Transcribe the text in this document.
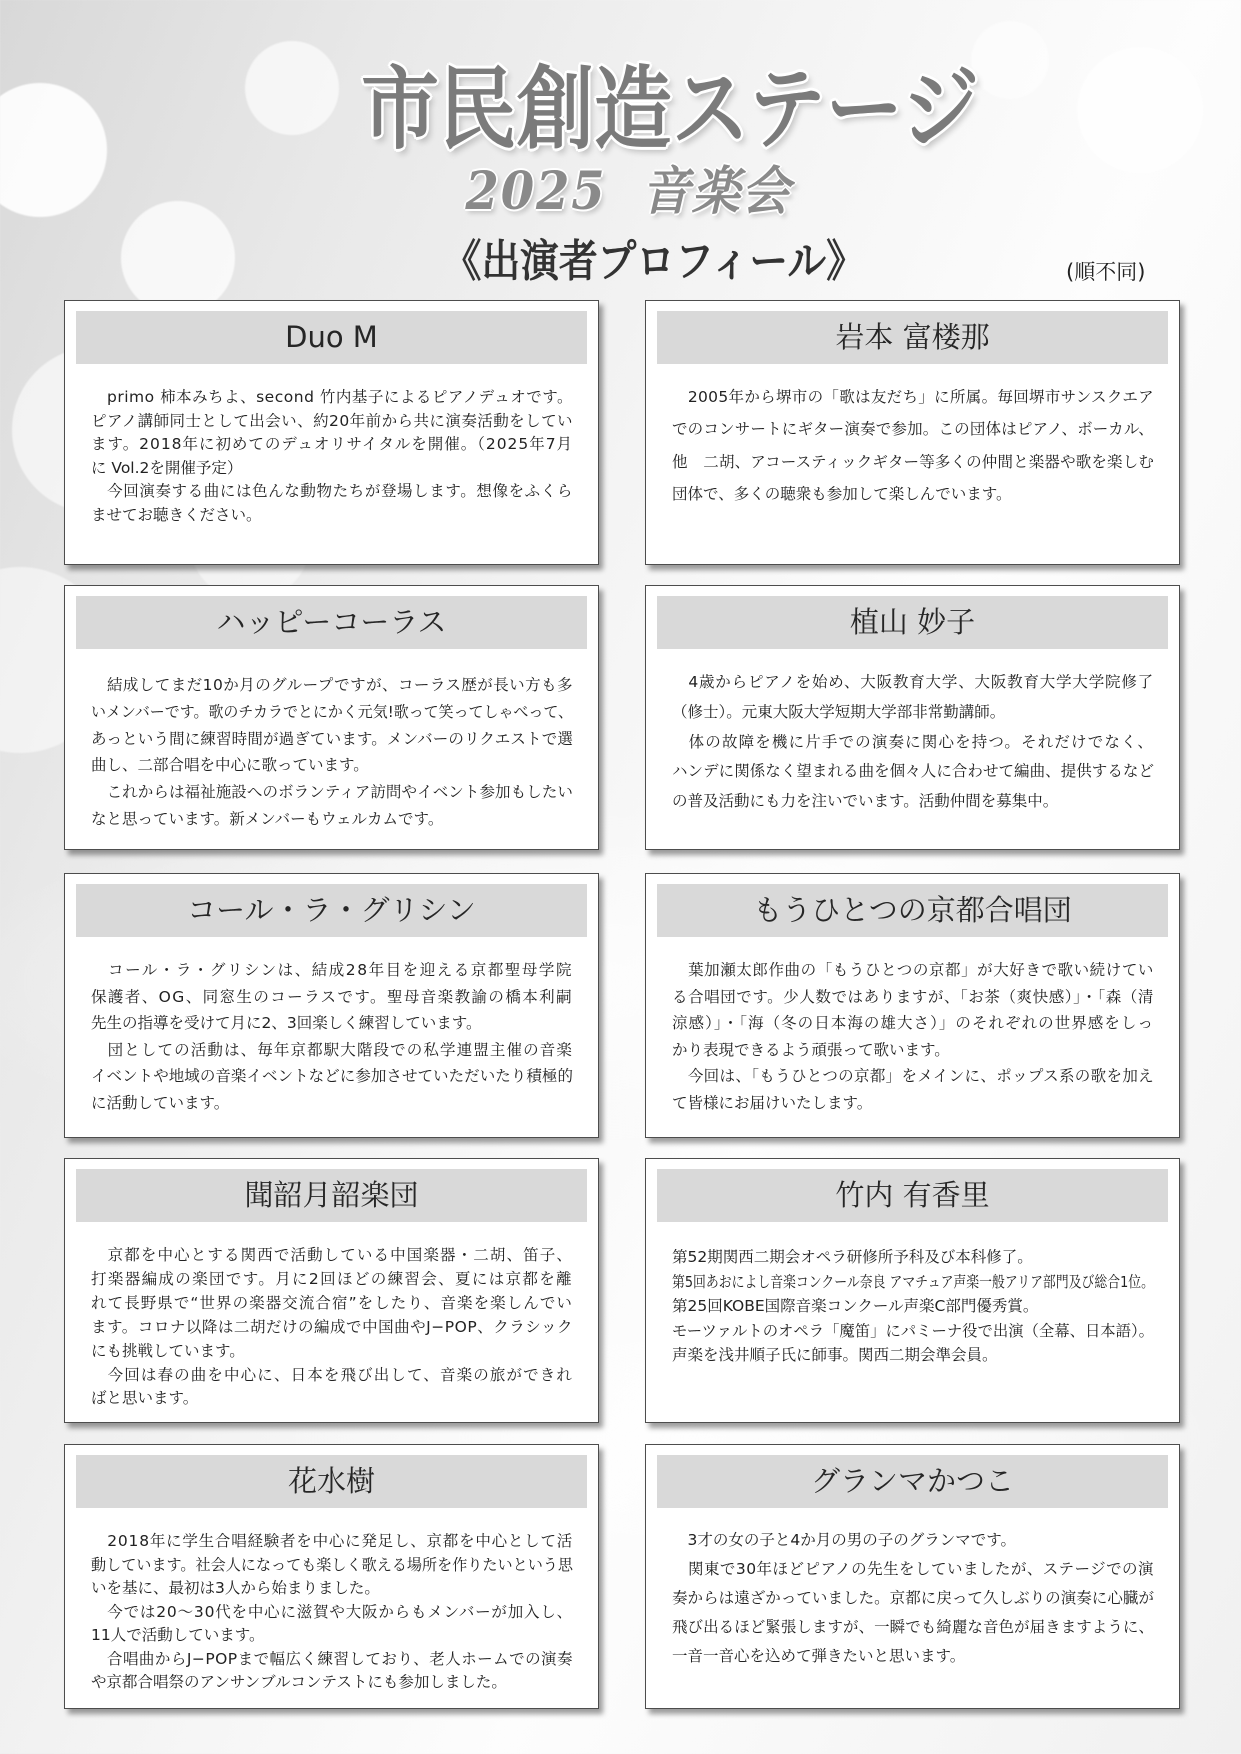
市民創造ステージ
2025 音楽会
《出演者プロフィール》	(順不同)
Duo M
　primo 柿本みちよ、second 竹内基子によるピアノデュオです。
ピアノ講師同士として出会い、約20年前から共に演奏活動をしてい
ます。2018年に初めてのデュオリサイタルを開催。（2025年7月
に Vol.2を開催予定）
　今回演奏する曲には色んな動物たちが登場します。想像をふくら
ませてお聴きください。
岩本 富楼那
　2005年から堺市の「歌は友だち」に所属。毎回堺市サンスクエア
でのコンサートにギター演奏で参加。この団体はピアノ、ボーカル、
他　二胡、アコースティックギター等多くの仲間と楽器や歌を楽しむ
団体で、多くの聴衆も参加して楽しんでいます。
ハッピーコーラス
　結成してまだ10か月のグループですが、コーラス歴が長い方も多
いメンバーです。歌のチカラでとにかく元気!歌って笑ってしゃべって、
あっという間に練習時間が過ぎています。メンバーのリクエストで選
曲し、二部合唱を中心に歌っています。
　これからは福祉施設へのボランティア訪問やイベント参加もしたい
なと思っています。新メンバーもウェルカムです。
植山 妙子
　4歳からピアノを始め、大阪教育大学、大阪教育大学大学院修了
（修士）。元東大阪大学短期大学部非常勤講師。
　体の故障を機に片手での演奏に関心を持つ。それだけでなく、
ハンデに関係なく望まれる曲を個々人に合わせて編曲、提供するなど
の普及活動にも力を注いでいます。活動仲間を募集中。
コール・ラ・グリシン
　コール・ラ・グリシンは、結成28年目を迎える京都聖母学院
保護者、OG、同窓生のコーラスです。聖母音楽教諭の橋本利嗣
先生の指導を受けて月に2、3回楽しく練習しています。
　団としての活動は、毎年京都駅大階段での私学連盟主催の音楽
イベントや地域の音楽イベントなどに参加させていただいたり積極的
に活動しています。
もうひとつの京都合唱団
　葉加瀬太郎作曲の「もうひとつの京都」が大好きで歌い続けてい
る合唱団です。少人数ではありますが、「お茶（爽快感）」・「森（清
涼感）」・「海（冬の日本海の雄大さ）」のそれぞれの世界感をしっ
かり表現できるよう頑張って歌います。
　今回は、「もうひとつの京都」をメインに、ポップス系の歌を加え
て皆様にお届けいたします。
聞韶月韶楽団
　京都を中心とする関西で活動している中国楽器・二胡、笛子、
打楽器編成の楽団です。月に2回ほどの練習会、夏には京都を離
れて長野県で“世界の楽器交流合宿”をしたり、音楽を楽しんでい
ます。コロナ以降は二胡だけの編成で中国曲やJ−POP、クラシック
にも挑戦しています。
　今回は春の曲を中心に、日本を飛び出して、音楽の旅ができれ
ばと思います。
竹内 有香里
第52期関西二期会オペラ研修所予科及び本科修了。
第5回あおによし音楽コンクール奈良 アマチュア声楽一般アリア部門及び総合1位。
第25回KOBE国際音楽コンクール声楽C部門優秀賞。
モーツァルトのオペラ「魔笛」にパミーナ役で出演（全幕、日本語）。
声楽を浅井順子氏に師事。関西二期会準会員。
花水樹
　2018年に学生合唱経験者を中心に発足し、京都を中心として活
動しています。社会人になっても楽しく歌える場所を作りたいという思
いを基に、最初は3人から始まりました。
　今では20〜30代を中心に滋賀や大阪からもメンバーが加入し、
11人で活動しています。
　合唱曲からJ−POPまで幅広く練習しており、老人ホームでの演奏
や京都合唱祭のアンサンブルコンテストにも参加しました。
グランマかつこ
　3才の女の子と4か月の男の子のグランマです。
　関東で30年ほどピアノの先生をしていましたが、ステージでの演
奏からは遠ざかっていました。京都に戻って久しぶりの演奏に心臓が
飛び出るほど緊張しますが、一瞬でも綺麗な音色が届きますように、
一音一音心を込めて弾きたいと思います。
